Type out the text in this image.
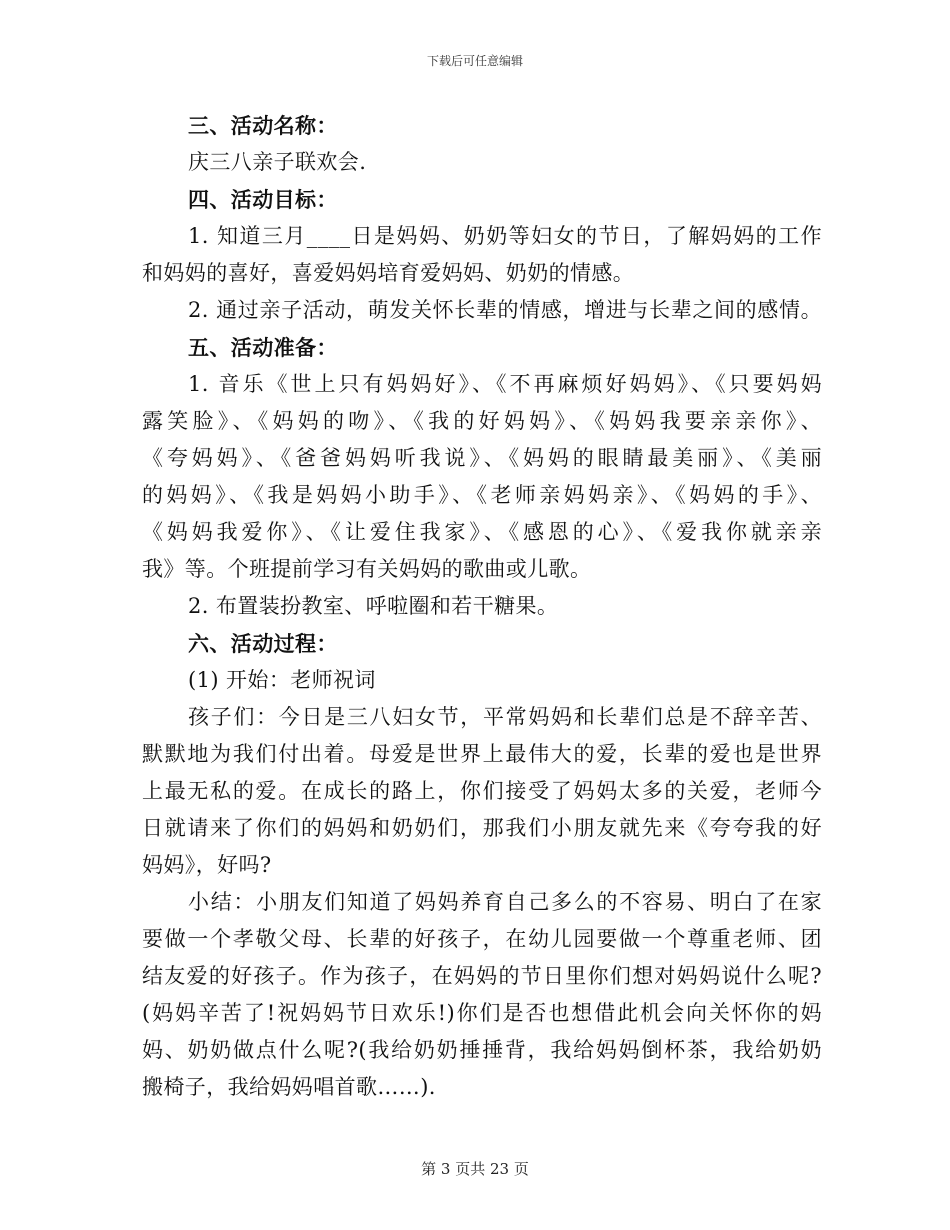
下载后可任意编辑
三、活动名称：
庆三八亲子联欢会.
四、活动目标：
1. 知道三月____日是妈妈、奶奶等妇女的节日，了解妈妈的工作
和妈妈的喜好，喜爱妈妈培育爱妈妈、奶奶的情感。
2. 通过亲子活动，萌发关怀长辈的情感，增进与长辈之间的感情。
五、活动准备：
1. 音乐《世上只有妈妈好》、《不再麻烦好妈妈》、《只要妈妈
露笑脸》、《妈妈的吻》、《我的好妈妈》、《妈妈我要亲亲你》、
《夸妈妈》、《爸爸妈妈听我说》、《妈妈的眼睛最美丽》、《美丽
的妈妈》、《我是妈妈小助手》、《老师亲妈妈亲》、《妈妈的手》、
《妈妈我爱你》、《让爱住我家》、《感恩的心》、《爱我你就亲亲
我》等。个班提前学习有关妈妈的歌曲或儿歌。
2. 布置装扮教室、呼啦圈和若干糖果。
六、活动过程：
(1) 开始：老师祝词
孩子们：今日是三八妇女节，平常妈妈和长辈们总是不辞辛苦、
默默地为我们付出着。母爱是世界上最伟大的爱，长辈的爱也是世界
上最无私的爱。在成长的路上，你们接受了妈妈太多的关爱，老师今
日就请来了你们的妈妈和奶奶们，那我们小朋友就先来《夸夸我的好
妈妈》，好吗?
小结：小朋友们知道了妈妈养育自己多么的不容易、明白了在家
要做一个孝敬父母、长辈的好孩子，在幼儿园要做一个尊重老师、团
结友爱的好孩子。作为孩子，在妈妈的节日里你们想对妈妈说什么呢?
(妈妈辛苦了!祝妈妈节日欢乐!)你们是否也想借此机会向关怀你的妈
妈、奶奶做点什么呢?(我给奶奶捶捶背，我给妈妈倒杯茶，我给奶奶
搬椅子，我给妈妈唱首歌……).
第 3 页共 23 页
